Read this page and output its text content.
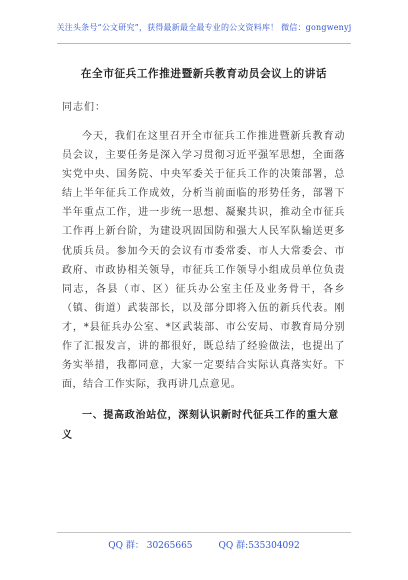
关注头条号“公文研究”，获得最新最全最专业的公文资料库！ 微信：gongwenyj
在全市征兵工作推进暨新兵教育动员会议上的讲话
同志们：

今天，我们在这里召开全市征兵工作推进暨新兵教育动员会议，主要任务是深入学习贯彻习近平强军思想，全面落实党中央、国务院、中央军委关于征兵工作的决策部署，总结上半年征兵工作成效，分析当前面临的形势任务，部署下半年重点工作，进一步统一思想、凝聚共识，推动全市征兵工作再上新台阶，为建设巩固国防和强大人民军队输送更多优质兵员。参加今天的会议有市委常委、市人大常委会、市政府、市政协相关领导，市征兵工作领导小组成员单位负责同志，各县（市、区）征兵办公室主任及业务骨干，各乡（镇、街道）武装部长，以及部分即将入伍的新兵代表。刚才，*县征兵办公室、*区武装部、市公安局、市教育局分别作了汇报发言，讲的都很好，既总结了经验做法，也提出了务实举措，我都同意，大家一定要结合实际认真落实好。下面，结合工作实际，我再讲几点意见。

一、提高政治站位，深刻认识新时代征兵工作的重大意义

QQ 群： 30265665	QQ 群:535304092
